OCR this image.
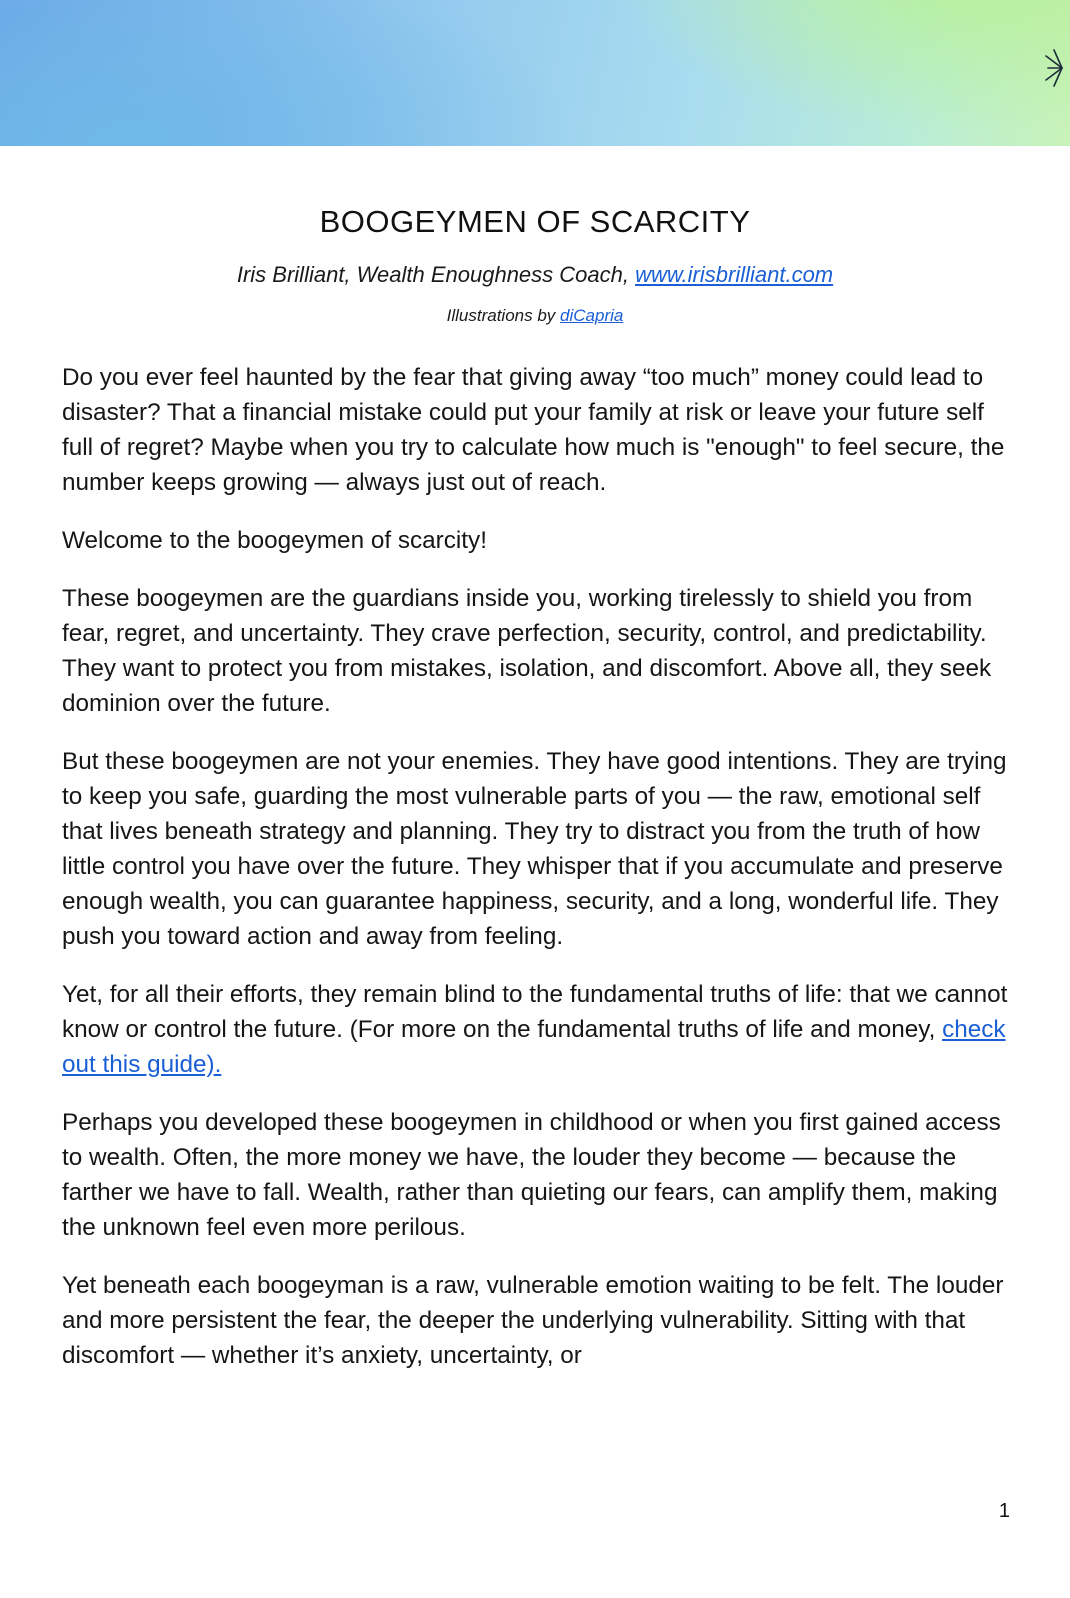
BOOGEYMEN OF SCARCITY
Iris Brilliant, Wealth Enoughness Coach, www.irisbrilliant.com
Illustrations by diCapria

Do you ever feel haunted by the fear that giving away “too much” money could lead to disaster? That a financial mistake could put your family at risk or leave your future self full of regret? Maybe when you try to calculate how much is "enough" to feel secure, the number keeps growing — always just out of reach.

Welcome to the boogeymen of scarcity!

These boogeymen are the guardians inside you, working tirelessly to shield you from fear, regret, and uncertainty. They crave perfection, security, control, and predictability. They want to protect you from mistakes, isolation, and discomfort. Above all, they seek dominion over the future.

But these boogeymen are not your enemies. They have good intentions. They are trying to keep you safe, guarding the most vulnerable parts of you — the raw, emotional self that lives beneath strategy and planning. They try to distract you from the truth of how little control you have over the future. They whisper that if you accumulate and preserve enough wealth, you can guarantee happiness, security, and a long, wonderful life. They push you toward action and away from feeling.

Yet, for all their efforts, they remain blind to the fundamental truths of life: that we cannot know or control the future. (For more on the fundamental truths of life and money, check out this guide).

Perhaps you developed these boogeymen in childhood or when you first gained access to wealth. Often, the more money we have, the louder they become — because the farther we have to fall. Wealth, rather than quieting our fears, can amplify them, making the unknown feel even more perilous.

Yet beneath each boogeyman is a raw, vulnerable emotion waiting to be felt. The louder and more persistent the fear, the deeper the underlying vulnerability. Sitting with that discomfort — whether it’s anxiety, uncertainty, or

1
